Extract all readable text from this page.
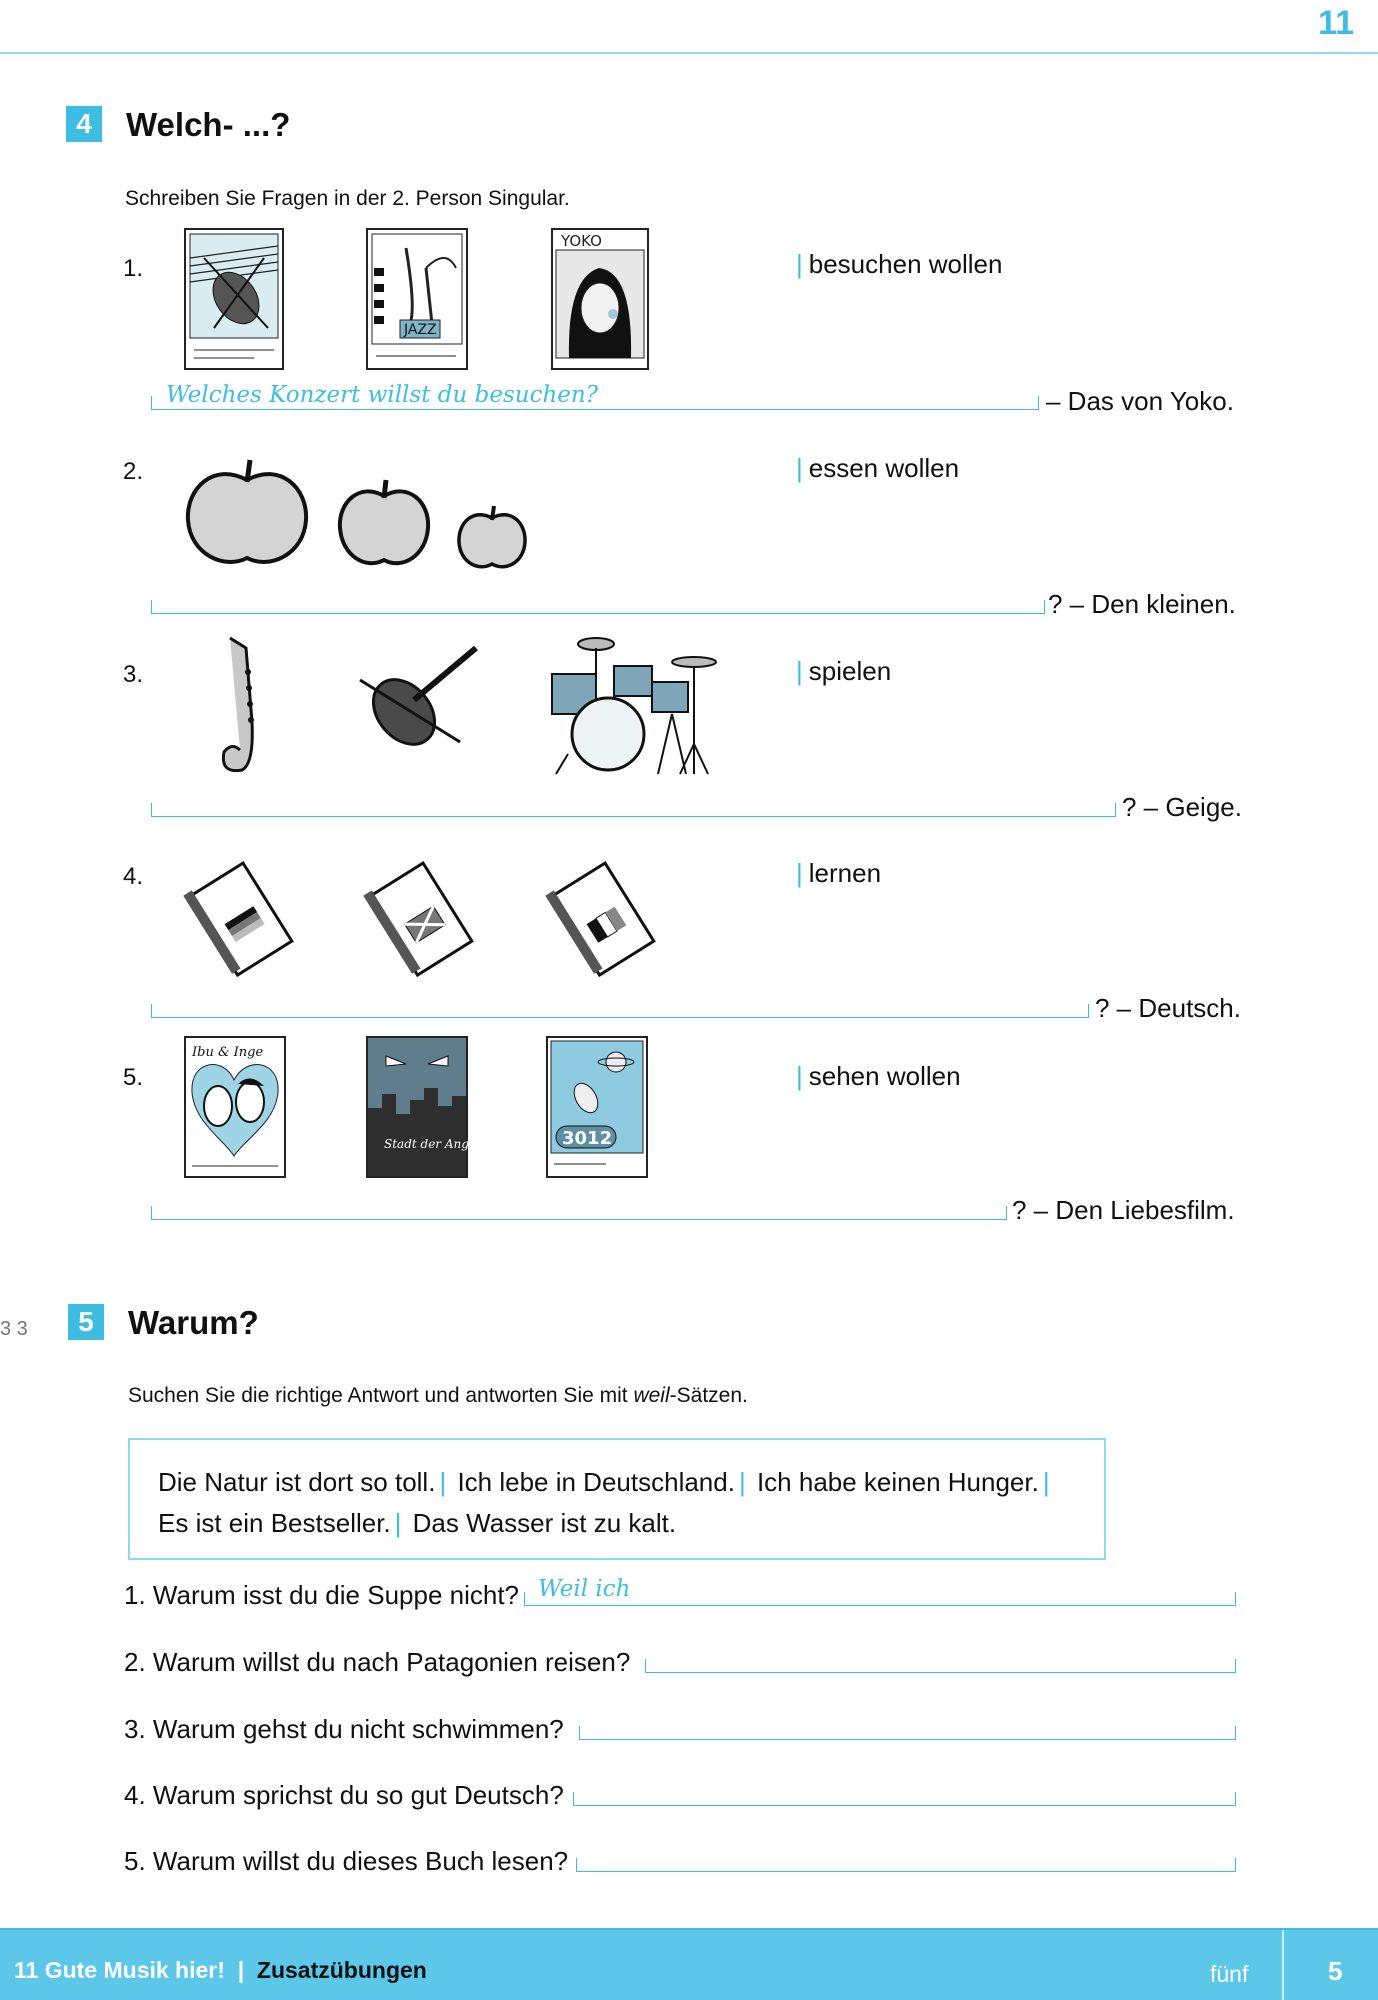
11
4	Welch- ...?
Schreiben Sie Fragen in der 2. Person Singular.
1.
JAZZ
YOKO
| besuchen wollen
Welches Konzert willst du besuchen?	– Das von Yoko.
2.	| essen wollen
? – Den kleinen.
3.	| spielen
? – Geige.
4.	| lernen
? – Deutsch.
5.
Ibu & Inge
Stadt der Angst	3012
| sehen wollen
? – Den Liebesfilm.
3 3	5	Warum?
Suchen Sie die richtige Antwort und antworten Sie mit weil-Sätzen.
Die Natur ist dort so toll. | Ich lebe in Deutschland. | Ich habe keinen Hunger. |
Es ist ein Bestseller. | Das Wasser ist zu kalt.
1. Warum isst du die Suppe nicht? Weil ich
2. Warum willst du nach Patagonien reisen?
3. Warum gehst du nicht schwimmen?
4. Warum sprichst du so gut Deutsch?
5. Warum willst du dieses Buch lesen?
11 Gute Musik hier! | Zusatzübungen	fünf	5
